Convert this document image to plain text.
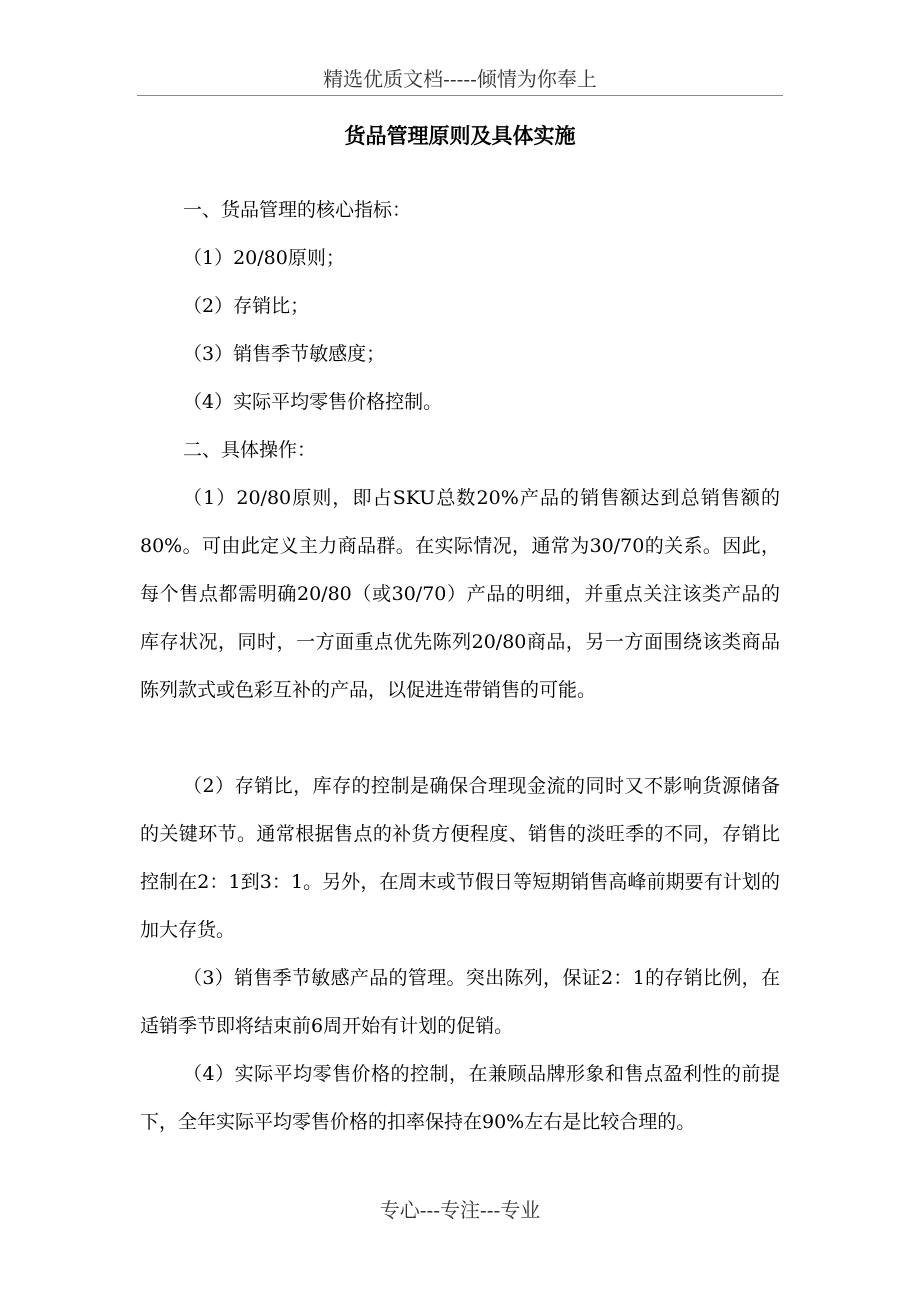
精选优质文档-----倾情为你奉上
货品管理原则及具体实施
一、货品管理的核心指标：
（1）20/80原则；
（2）存销比；
（3）销售季节敏感度；
（4）实际平均零售价格控制。
二、具体操作：

（1）20/80原则，即占SKU总数20%产品的销售额达到总销售额的80%。可由此定义主力商品群。在实际情况，通常为30/70的关系。因此，每个售点都需明确20/80（或30/70）产品的明细，并重点关注该类产品的库存状况，同时，一方面重点优先陈列20/80商品，另一方面围绕该类商品陈列款式或色彩互补的产品，以促进连带销售的可能。

（2）存销比，库存的控制是确保合理现金流的同时又不影响货源储备的关键环节。通常根据售点的补货方便程度、销售的淡旺季的不同，存销比控制在2：1到3：1。另外，在周末或节假日等短期销售高峰前期要有计划的加大存货。

（3）销售季节敏感产品的管理。突出陈列，保证2：1的存销比例，在适销季节即将结束前6周开始有计划的促销。

（4）实际平均零售价格的控制，在兼顾品牌形象和售点盈利性的前提下，全年实际平均零售价格的扣率保持在90%左右是比较合理的。

专心---专注---专业
